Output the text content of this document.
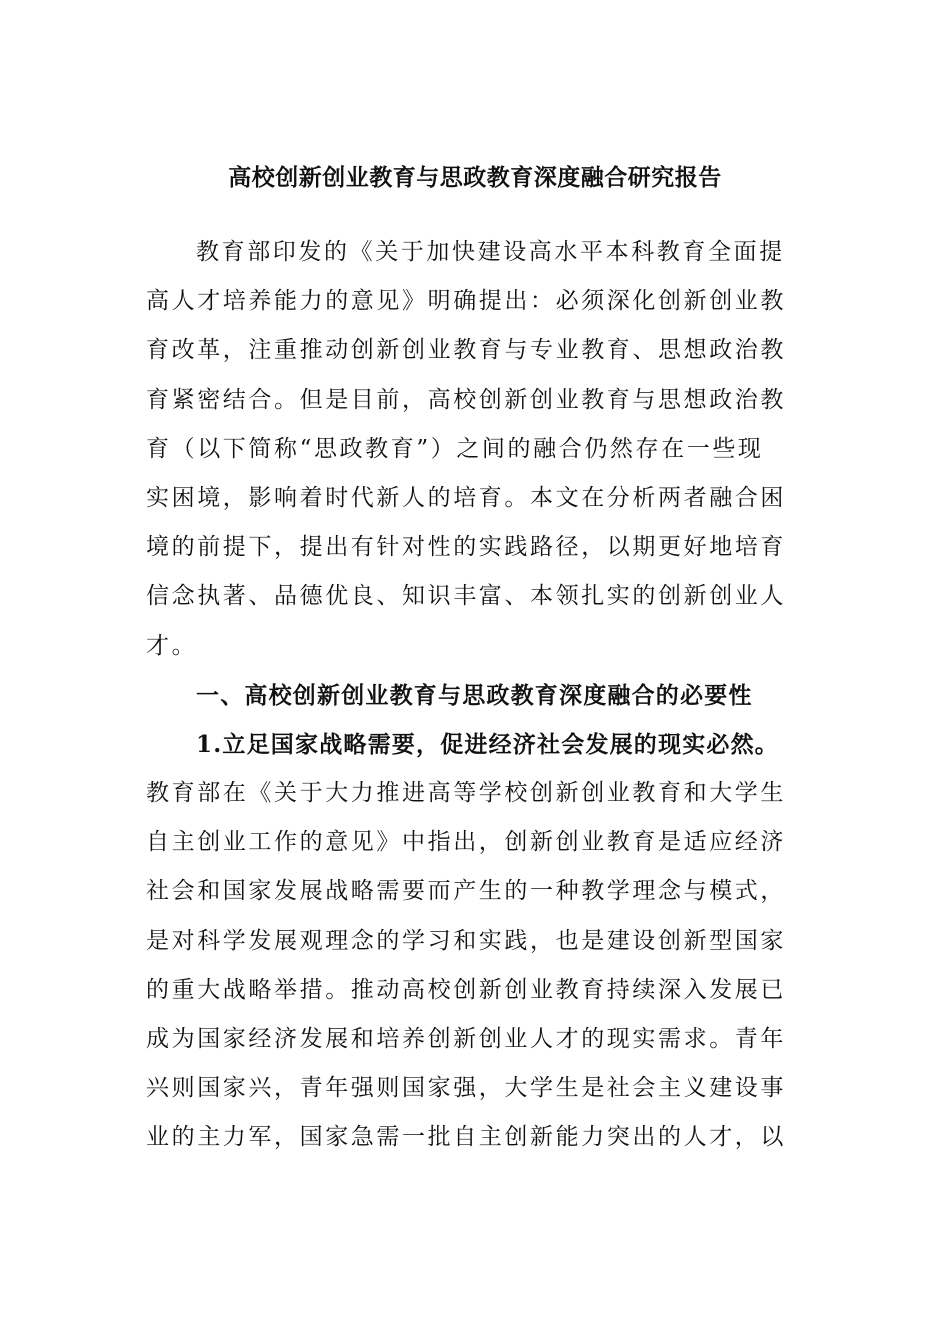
高校创新创业教育与思政教育深度融合研究报告
教育部印发的《关于加快建设高水平本科教育全面提
高人才培养能力的意见》明确提出：必须深化创新创业教
育改革，注重推动创新创业教育与专业教育、思想政治教
育紧密结合。但是目前，高校创新创业教育与思想政治教
育（以下简称“思政教育”）之间的融合仍然存在一些现
实困境，影响着时代新人的培育。本文在分析两者融合困
境的前提下，提出有针对性的实践路径，以期更好地培育
信念执著、品德优良、知识丰富、本领扎实的创新创业人
才。
一、高校创新创业教育与思政教育深度融合的必要性
1.立足国家战略需要，促进经济社会发展的现实必然。
教育部在《关于大力推进高等学校创新创业教育和大学生
自主创业工作的意见》中指出，创新创业教育是适应经济
社会和国家发展战略需要而产生的一种教学理念与模式，
是对科学发展观理念的学习和实践，也是建设创新型国家
的重大战略举措。推动高校创新创业教育持续深入发展已
成为国家经济发展和培养创新创业人才的现实需求。青年
兴则国家兴，青年强则国家强，大学生是社会主义建设事
业的主力军，国家急需一批自主创新能力突出的人才，以
